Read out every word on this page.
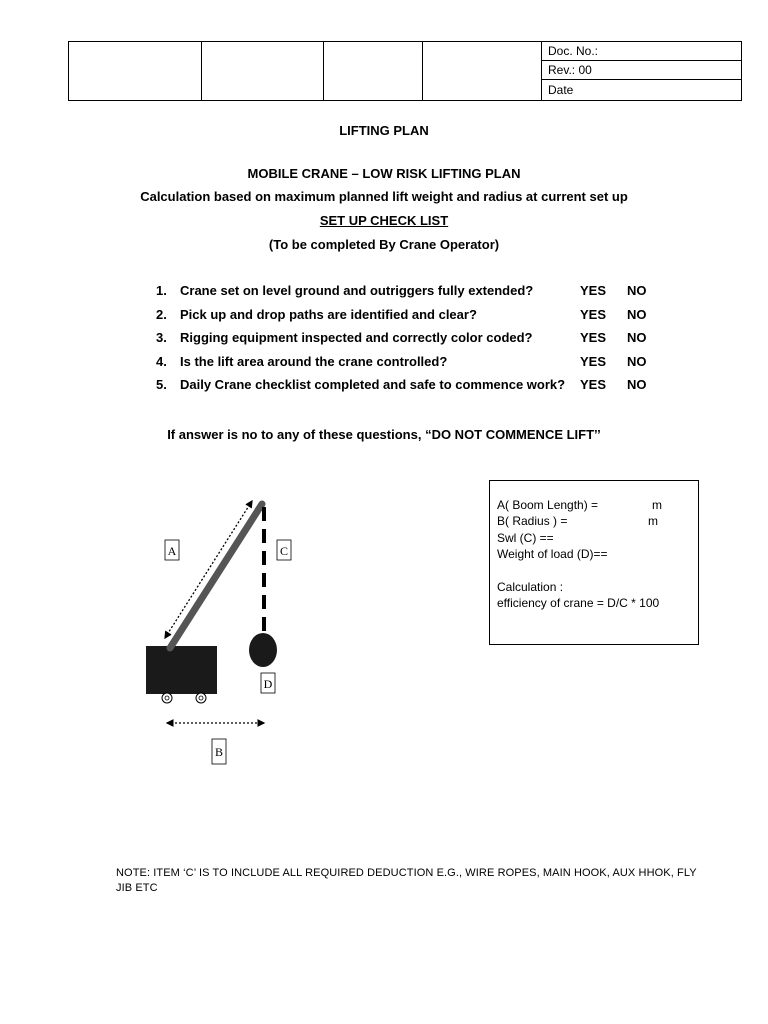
Doc. No.:
Rev.: 00
Date
LIFTING PLAN
MOBILE CRANE – LOW RISK LIFTING PLAN
Calculation based on maximum planned lift weight and radius at current set up
SET UP CHECK LIST
(To be completed By Crane Operator)
1. Crane set on level ground and outriggers fully extended?	YES NO
2. Pick up and drop paths are identified and clear?	YES NO
3. Rigging equipment inspected and correctly color coded?	YES NO
4. Is the lift area around the crane controlled?	YES NO
5. Daily Crane checklist completed and safe to commence work? YES NO
If answer is no to any of these questions, “DO NOT COMMENCE LIFT’’
A	C
D
B
A( Boom Length) =	m
B( Radius ) =	m
Swl (C) ==
Weight of load (D)==
Calculation :
efficiency of crane = D/C * 100
NOTE: ITEM ‘C’ IS TO INCLUDE ALL REQUIRED DEDUCTION E.G., WIRE ROPES, MAIN HOOK, AUX HHOK, FLY JIB ETC
